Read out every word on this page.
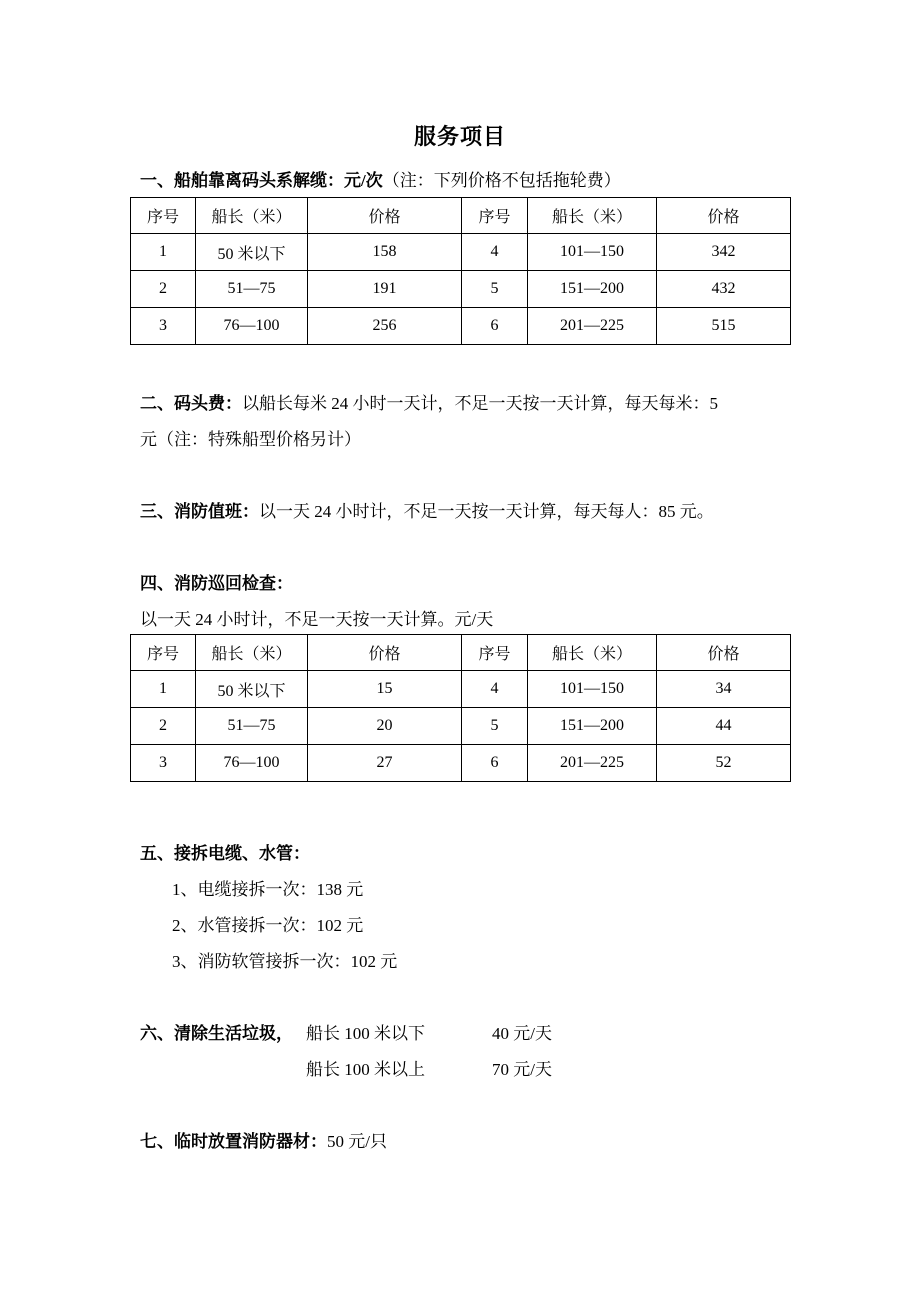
服务项目
一、船舶靠离码头系解缆：元/次（注：下列价格不包括拖轮费）
序号	船长（米）	价格	序号	船长（米）	价格
1	50 米以下	158	4	101—150	342
2	51—75	191	5	151—200	432
3	76—100	256	6	201—225	515
二、码头费：以船长每米 24 小时一天计，不足一天按一天计算，每天每米：5
元（注：特殊船型价格另计）
三、消防值班：以一天 24 小时计，不足一天按一天计算，每天每人：85 元。
四、消防巡回检查：
以一天 24 小时计，不足一天按一天计算。元/天
序号	船长（米）	价格	序号	船长（米）	价格
1	50 米以下	15	4	101—150	34
2	51—75	20	5	151—200	44
3	76—100	27	6	201—225	52
五、接拆电缆、水管：
1、电缆接拆一次：138 元
2、水管接拆一次：102 元
3、消防软管接拆一次：102 元
六、清除生活垃圾， 船长 100 米以下	40 元/天
船长 100 米以上	70 元/天
七、临时放置消防器材：50 元/只
